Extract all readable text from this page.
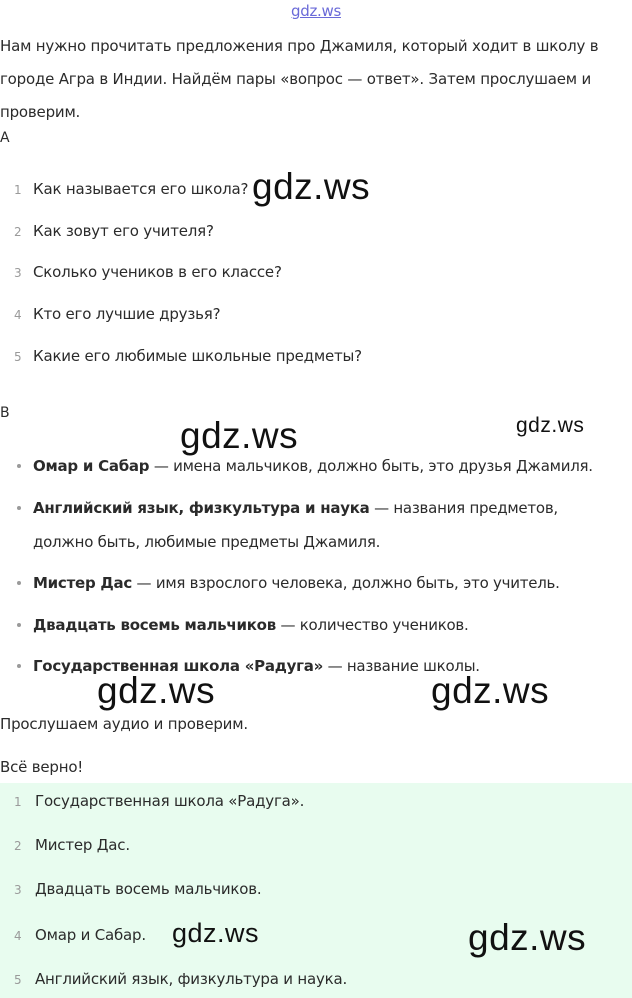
gdz.ws

Нам нужно прочитать предложения про Джамиля, который ходит в школу в городе Агра в Индии. Найдём пары «вопрос — ответ». Затем прослушаем и проверим.

A

1 Как называется его школа?
2 Как зовут его учителя?
3 Сколько учеников в его классе?
4 Кто его лучшие друзья?
5 Какие его любимые школьные предметы?

B

Омар и Сабар — имена мальчиков, должно быть, это друзья Джамиля.
Английский язык, физкультура и наука — названия предметов, должно быть, любимые предметы Джамиля.
Мистер Дас — имя взрослого человека, должно быть, это учитель.
Двадцать восемь мальчиков — количество учеников.
Государственная школа «Радуга» — название школы.
Прослушаем аудио и проверим.
Всё верно!
1 Государственная школа «Радуга».
2 Мистер Дас.
3 Двадцать восемь мальчиков.
4 Омар и Сабар.
5 Английский язык, физкультура и наука.
gdz.ws
gdz.ws	gdz.ws
gdz.ws	gdz.ws
gdz.ws	gdz.ws
